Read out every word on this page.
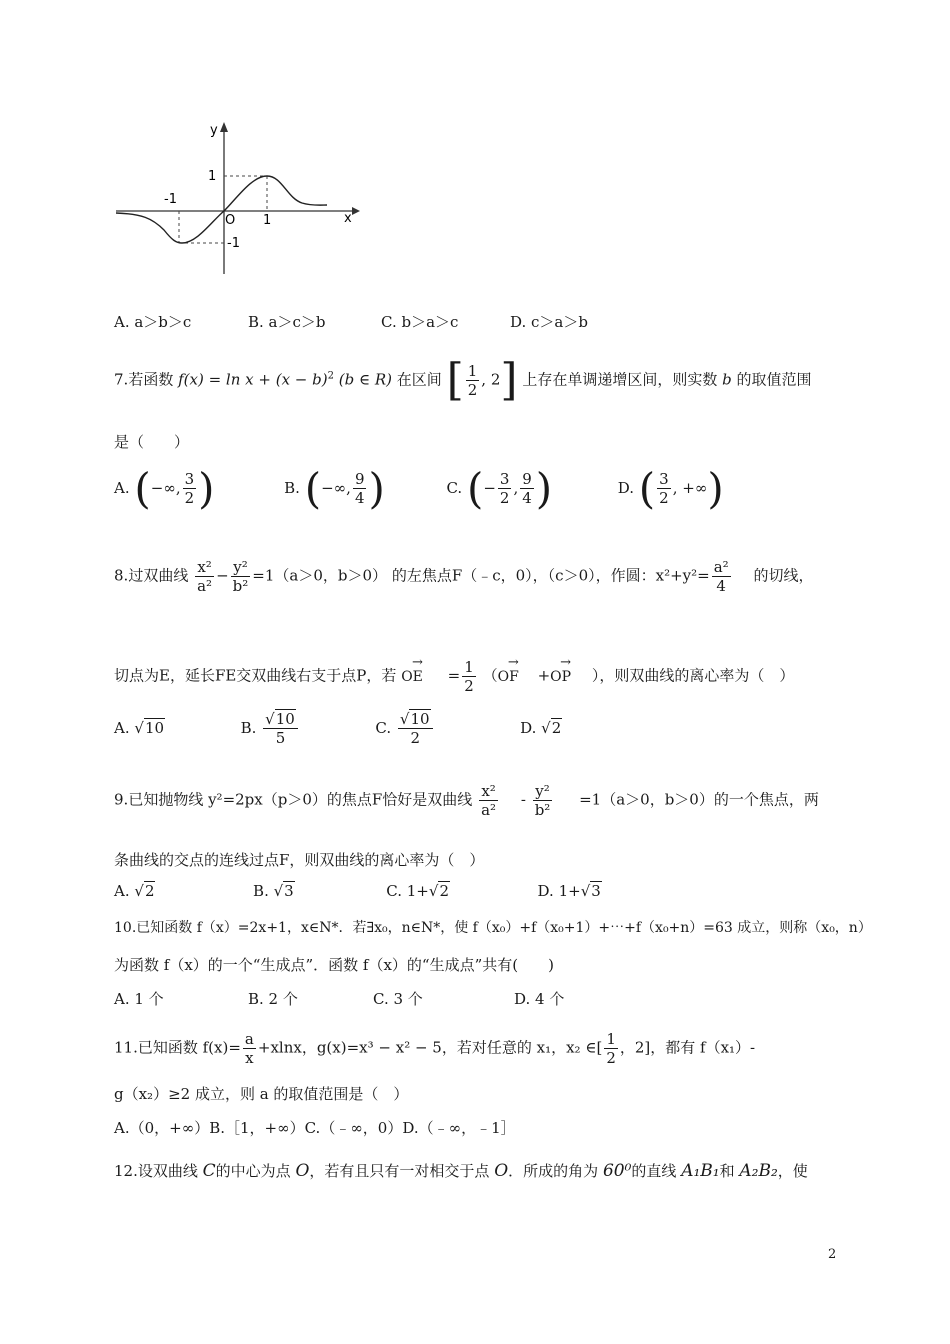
y
x
O
-1
1
1
-1
A. a＞b＞c	B. a＞c＞b	C. b＞a＞c	D. c＞a＞b
7.若函数 $f(x) = \ln x + (x - b)^2$ (b ∈ R) 在区间 [ $\frac{1}{2}$ , 2] 上存在单调递增区间，则实数 b 的取值范围
是（　　）
A. (−∞, $\frac{3}{2}$ )	B. (−∞, $\frac{9}{4}$ )	C. (− $\frac{3}{2}$ , $\frac{9}{4}$ )	D. ( $\frac{3}{2}$ , +∞)
8.过双曲线 $\frac{\text{x²}}{\text{a²}} - \frac{\text{y²}}{\text{b²}} =1(a>0$，b＞0） 的左焦点F（﹣c，0），（c＞0），作圆：$x^2+y^2= \frac{\text{a²}}{4}$ 的切线，
切点为E，延长FE交双曲线右支于点P，若 → OE = $\frac{1}{2}$ （→ OF +→ OP ），则双曲线的离心率为（　）
A. √10	B. $\frac{√10}{5}$	C. $\frac{√10}{2}$	D. √2
9.已知抛物线 y²=2px（p＞0）的焦点F恰好是双曲线 $\frac{\text{x²}}{\text{a²}} - \frac{\text{y²}}{\text{b²}} =1(a>0$，b＞0）的一个焦点，两
条曲线的交点的连线过点F，则双曲线的离心率为（　）
A. √2	B. √3	C. 1+√2	D. 1+√3
10.已知函数 f（x）=2x+1，x∈N*．若∃x₀，n∈N*，使 f（x₀）+f（x₀+1）+⋯+f（x₀+n）=63 成立，则称（x₀，n）
为函数 f（x）的一个“生成点”．函数 f（x）的“生成点”共有(　　)
A. 1 个	B. 2 个	C. 3 个	D. 4 个
11.已知函数 $f(x)= \frac{a}{x} +xlnx$，g(x)=x³ − x² − 5，若对任意的 x₁，x₂ ∈[ $\frac{1}{2}$ ，2]，都有 f（x₁）-
g（x₂）≥2 成立，则 a 的取值范围是（　）
A.（0，+∞）B.［1，+∞）C.（﹣∞，0）D.（﹣∞，﹣1］
12.设双曲线 C的中心为点 O，若有且只有一对相交于点 O．所成的角为 60⁰的直线 A₁B₁和 A₂B₂，使
2
